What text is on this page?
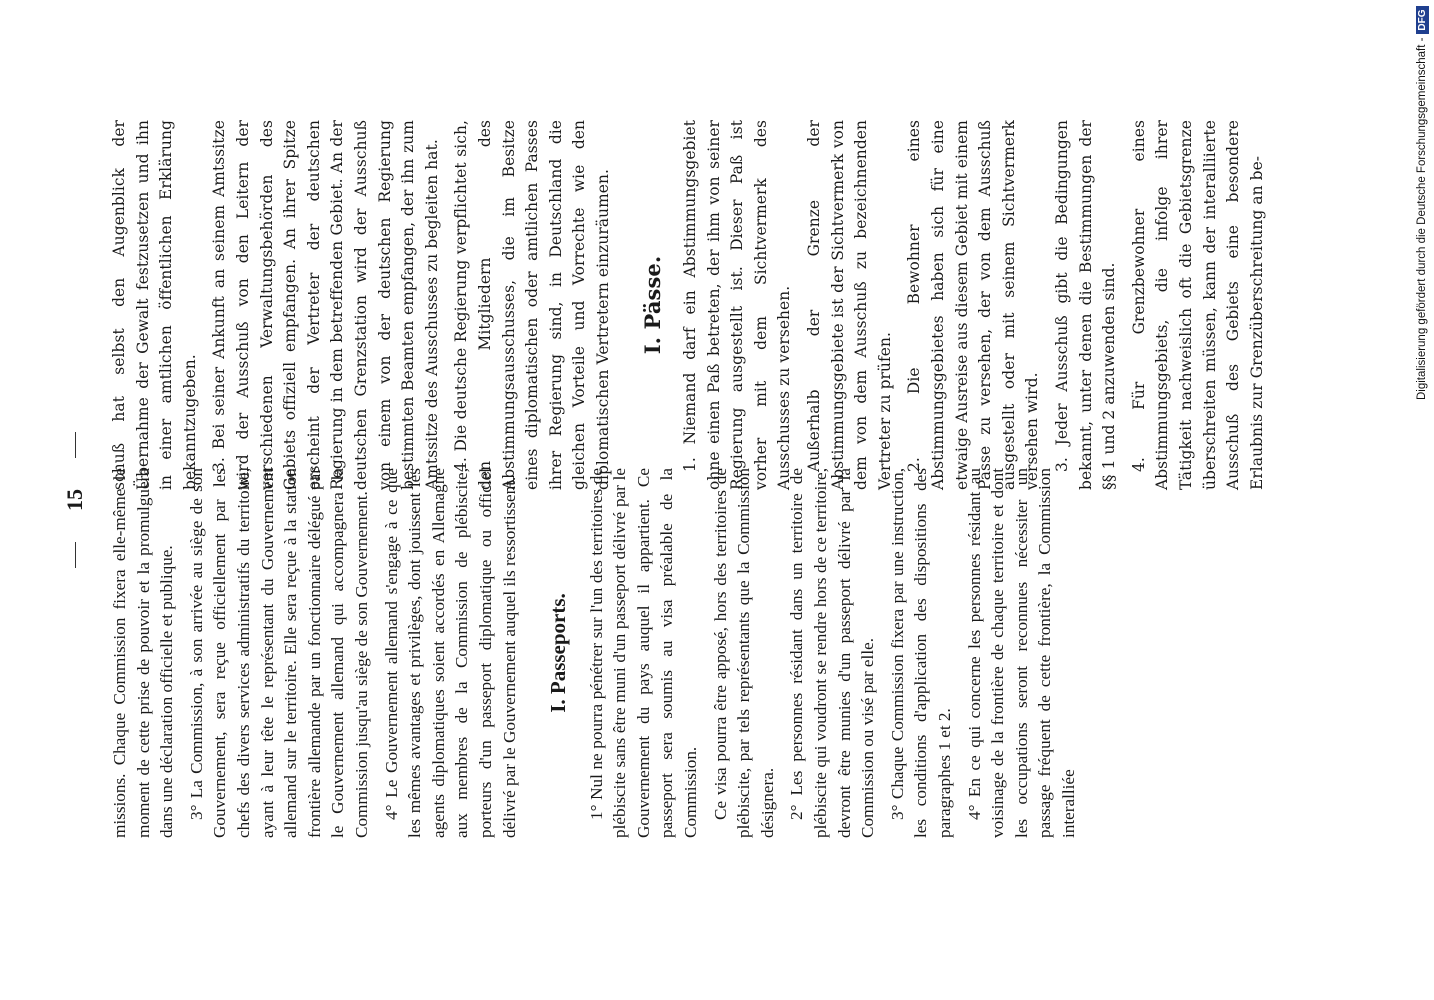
15	missions. Chaque Commission fixera elle-même le moment de cette prise de pouvoir et la promulguera dans une déclaration officielle et publique. 3° La Commission, à son arrivée au siège de son Gouvernement, sera reçue officiellement par les chefs des divers services administratifs du territoire, ayant à leur tête le représentant du Gouvernement allemand sur le territoire. Elle sera reçue à la station frontière allemande par un fonctionnaire délégué par le Gouvernement allemand qui accompagnera la Commission jusqu'au siège de son Gouvernement. 4° Le Gouvernement allemand s'engage à ce que les mêmes avantages et privilèges, dont jouissent les agents diplomatiques soient accordés en Allemagne aux membres de la Commission de plébiscite, porteurs d'un passeport diplomatique ou officiel délivré par le Gouvernement auquel ils ressortissent. I. Passeports. 1° Nul ne pourra pénétrer sur l'un des territoires de plébiscite sans être muni d'un passeport délivré par le Gouvernement du pays auquel il appartient. Ce passeport sera soumis au visa préalable de la Commission. Ce visa pourra être apposé, hors des territoires de plébiscite, par tels représentants que la Commission désignera. 2° Les personnes résidant dans un territoire de plébiscite qui voudront se rendre hors de ce territoire, devront être munies d'un passeport délivré par la Commission ou visé par elle. 3° Chaque Commission fixera par une instruction, les conditions d'application des dispositions des paragraphes 1 et 2. 4° En ce qui concerne les personnes résidant au voisinage de la frontière de chaque territoire et dont les occupations seront reconnues nécessiter un passage fréquent de cette frontière, la Commission interalliée

schuß hat selbst den Augenblick der Übernahme der Gewalt festzusetzen und ihn in einer amtlichen öffentlichen Erklärung bekanntzugeben. 3. Bei seiner Ankunft an seinem Amtssitze wird der Ausschuß von den Leitern der verschiedenen Verwaltungsbehörden des Gebiets offiziell empfangen. An ihrer Spitze erscheint der Vertreter der deutschen Regierung in dem betreffenden Gebiet. An der deutschen Grenzstation wird der Ausschuß von einem von der deutschen Regierung bestimmten Beamten empfangen, der ihn zum Amtssitze des Ausschusses zu begleiten hat. 4. Die deutsche Regierung verpflichtet sich, den Mitgliedern des Abstimmungsausschusses, die im Besitze eines diplomatischen oder amtlichen Passes ihrer Regierung sind, in Deutschland die gleichen Vorteile und Vorrechte wie den diplomatischen Vertretern einzuräumen. I. Pässe. 1. Niemand darf ein Abstimmungsgebiet ohne einen Paß betreten, der ihm von seiner Regierung ausgestellt ist. Dieser Paß ist vorher mit dem Sichtvermerk des Ausschusses zu versehen. Außerhalb der Grenze der Abstimmungsgebiete ist der Sichtvermerk von dem von dem Ausschuß zu bezeichnenden Vertreter zu prüfen. 2. Die Bewohner eines Abstimmungsgebietes haben sich für eine etwaige Ausreise aus diesem Gebiet mit einem Passe zu versehen, der von dem Ausschuß ausgestellt oder mit seinem Sichtvermerk versehen wird. 3. Jeder Ausschuß gibt die Bedingungen bekannt, unter denen die Bestimmungen der §§ 1 und 2 anzuwenden sind. 4. Für Grenzbewohner eines Abstimmungsgebiets, die infolge ihrer Tätigkeit nachweislich oft die Gebietsgrenze überschreiten müssen, kann der interalliierte Ausschuß des Gebiets eine besondere Erlaubnis zur Grenzüberschreitung an be-	Digitalisierung gefördert durch die Deutsche Forschungsgemeinschaft -
DFG
